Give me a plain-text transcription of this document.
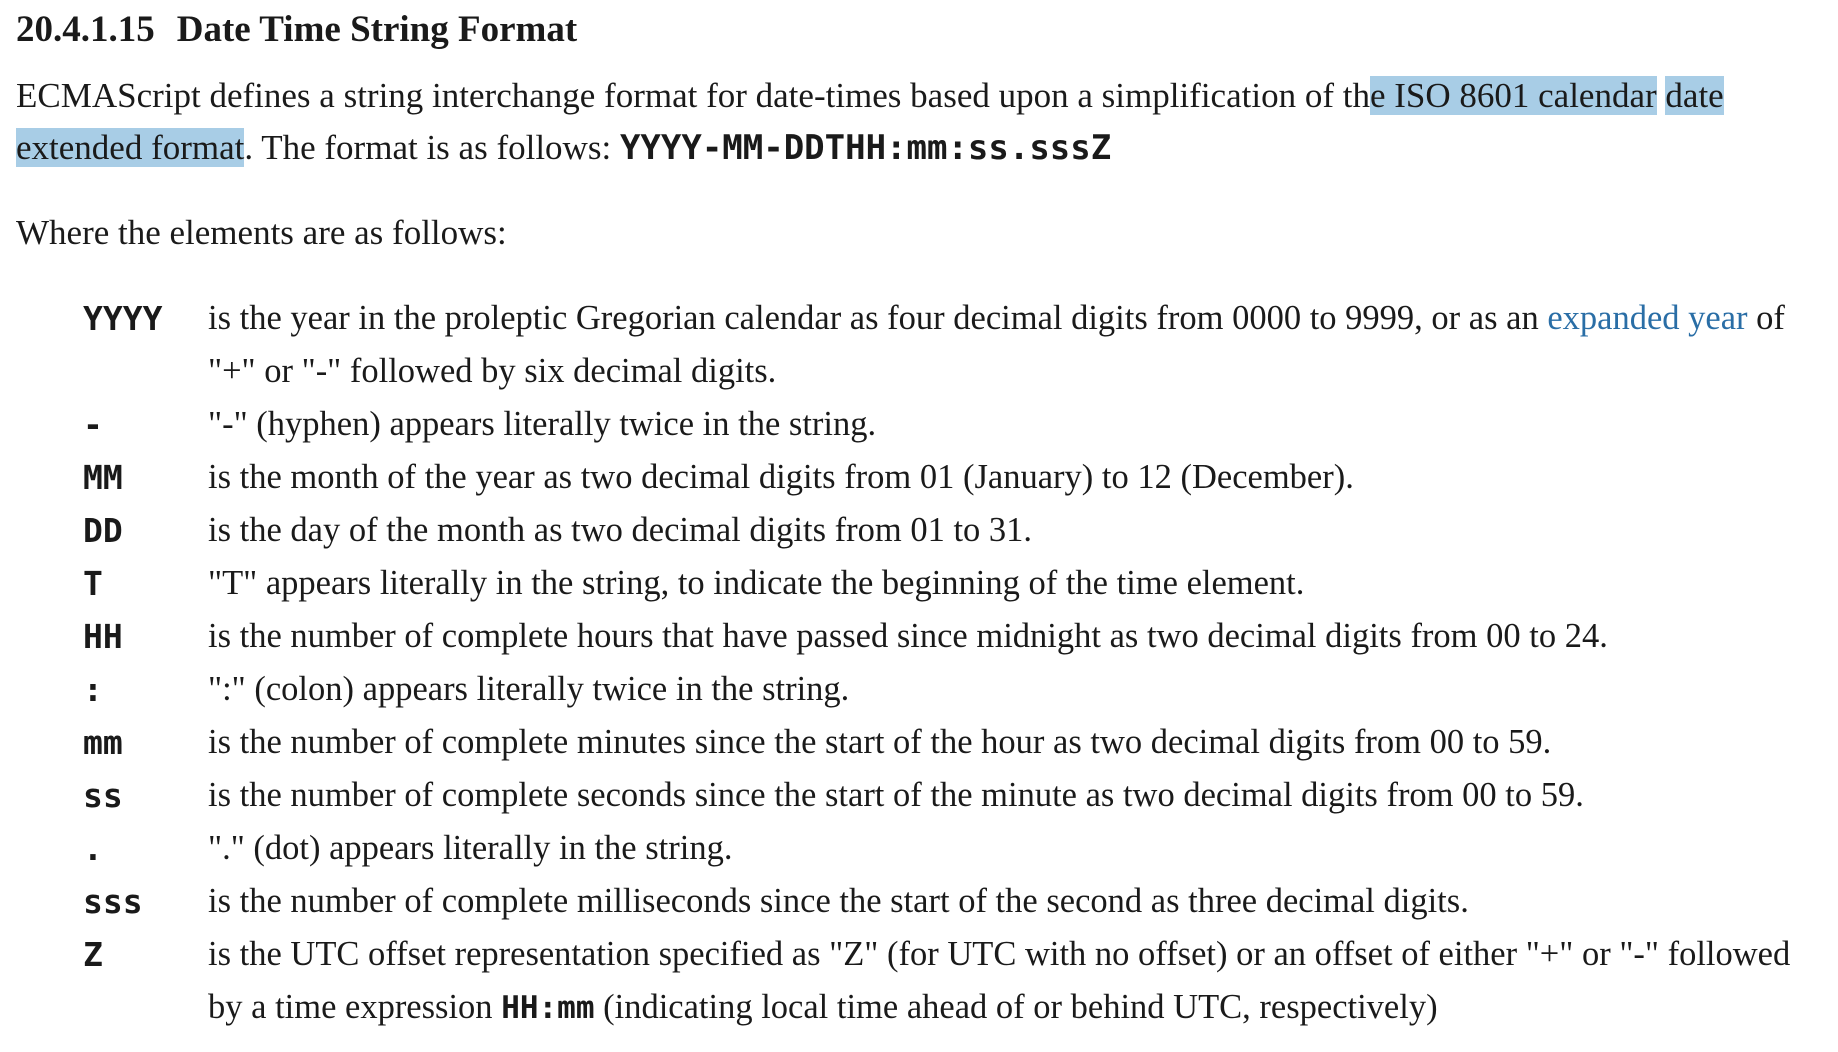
20.4.1.15 Date Time String Format

ECMAScript defines a string interchange format for date-times based upon a simplification of the ISO 8601 calendar date extended format. The format is as follows: YYYY-MM-DDTHH:mm:ss.sssZ

Where the elements are as follows:

YYYY	is the year in the proleptic Gregorian calendar as four decimal digits from 0000 to 9999, or as an expanded year of "+" or "-" followed by six decimal digits.
-	"-" (hyphen) appears literally twice in the string.
MM	is the month of the year as two decimal digits from 01 (January) to 12 (December).
DD	is the day of the month as two decimal digits from 01 to 31.
T	"T" appears literally in the string, to indicate the beginning of the time element.
HH	is the number of complete hours that have passed since midnight as two decimal digits from 00 to 24.
:	":" (colon) appears literally twice in the string.
mm	is the number of complete minutes since the start of the hour as two decimal digits from 00 to 59.
ss	is the number of complete seconds since the start of the minute as two decimal digits from 00 to 59.
.	"." (dot) appears literally in the string.
sss	is the number of complete milliseconds since the start of the second as three decimal digits.
Z	is the UTC offset representation specified as "Z" (for UTC with no offset) or an offset of either "+" or "-" followed by a time expression HH:mm (indicating local time ahead of or behind UTC, respectively)
